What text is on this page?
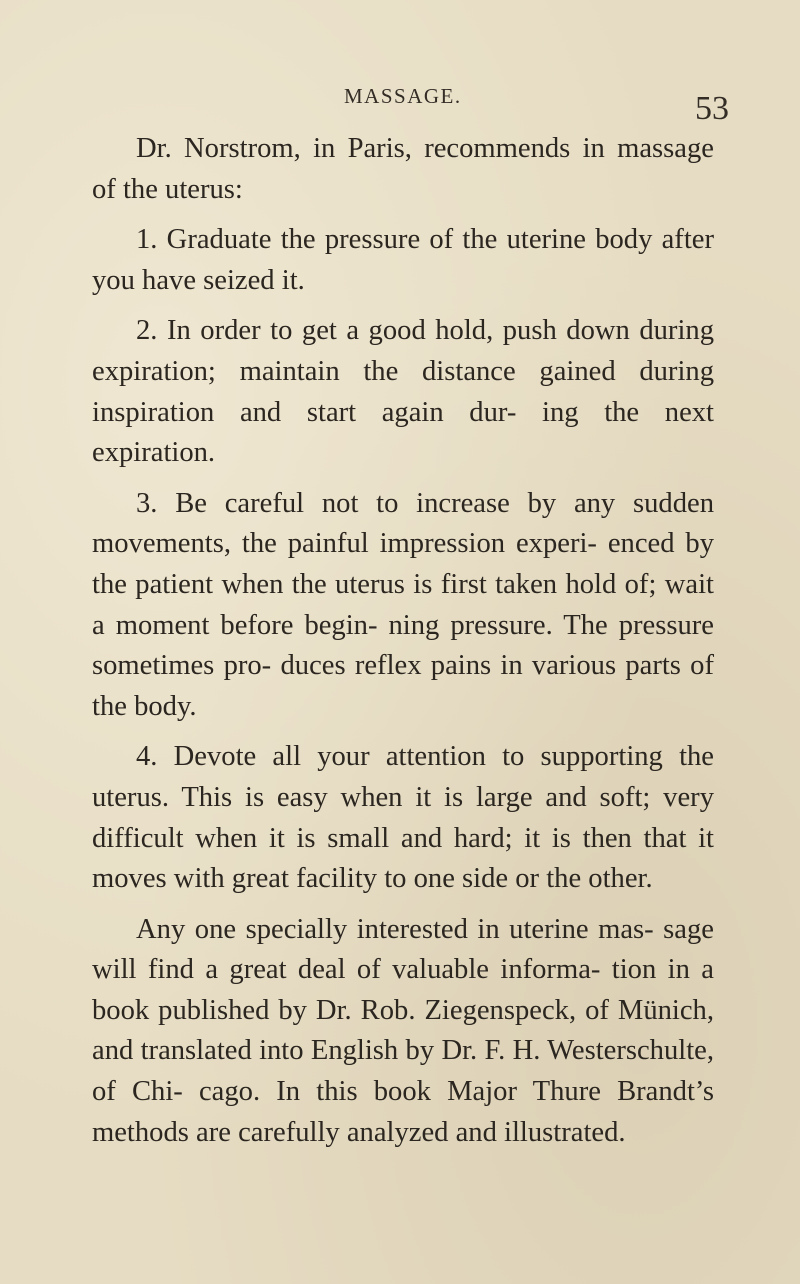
MASSAGE.	53

Dr. Norstrom, in Paris, recommends in massage of the uterus:

1. Graduate the pressure of the uterine body after you have seized it.

2. In order to get a good hold, push down during expiration; maintain the distance gained during inspiration and start again dur- ing the next expiration.

3. Be careful not to increase by any sudden movements, the painful impression experi- enced by the patient when the uterus is first taken hold of; wait a moment before begin- ning pressure. The pressure sometimes pro- duces reflex pains in various parts of the body.

4. Devote all your attention to supporting the uterus. This is easy when it is large and soft; very difficult when it is small and hard; it is then that it moves with great facility to one side or the other.

Any one specially interested in uterine mas- sage will find a great deal of valuable informa- tion in a book published by Dr. Rob. Ziegenspeck, of Münich, and translated into English by Dr. F. H. Westerschulte, of Chi- cago. In this book Major Thure Brandt’s methods are carefully analyzed and illustrated.
